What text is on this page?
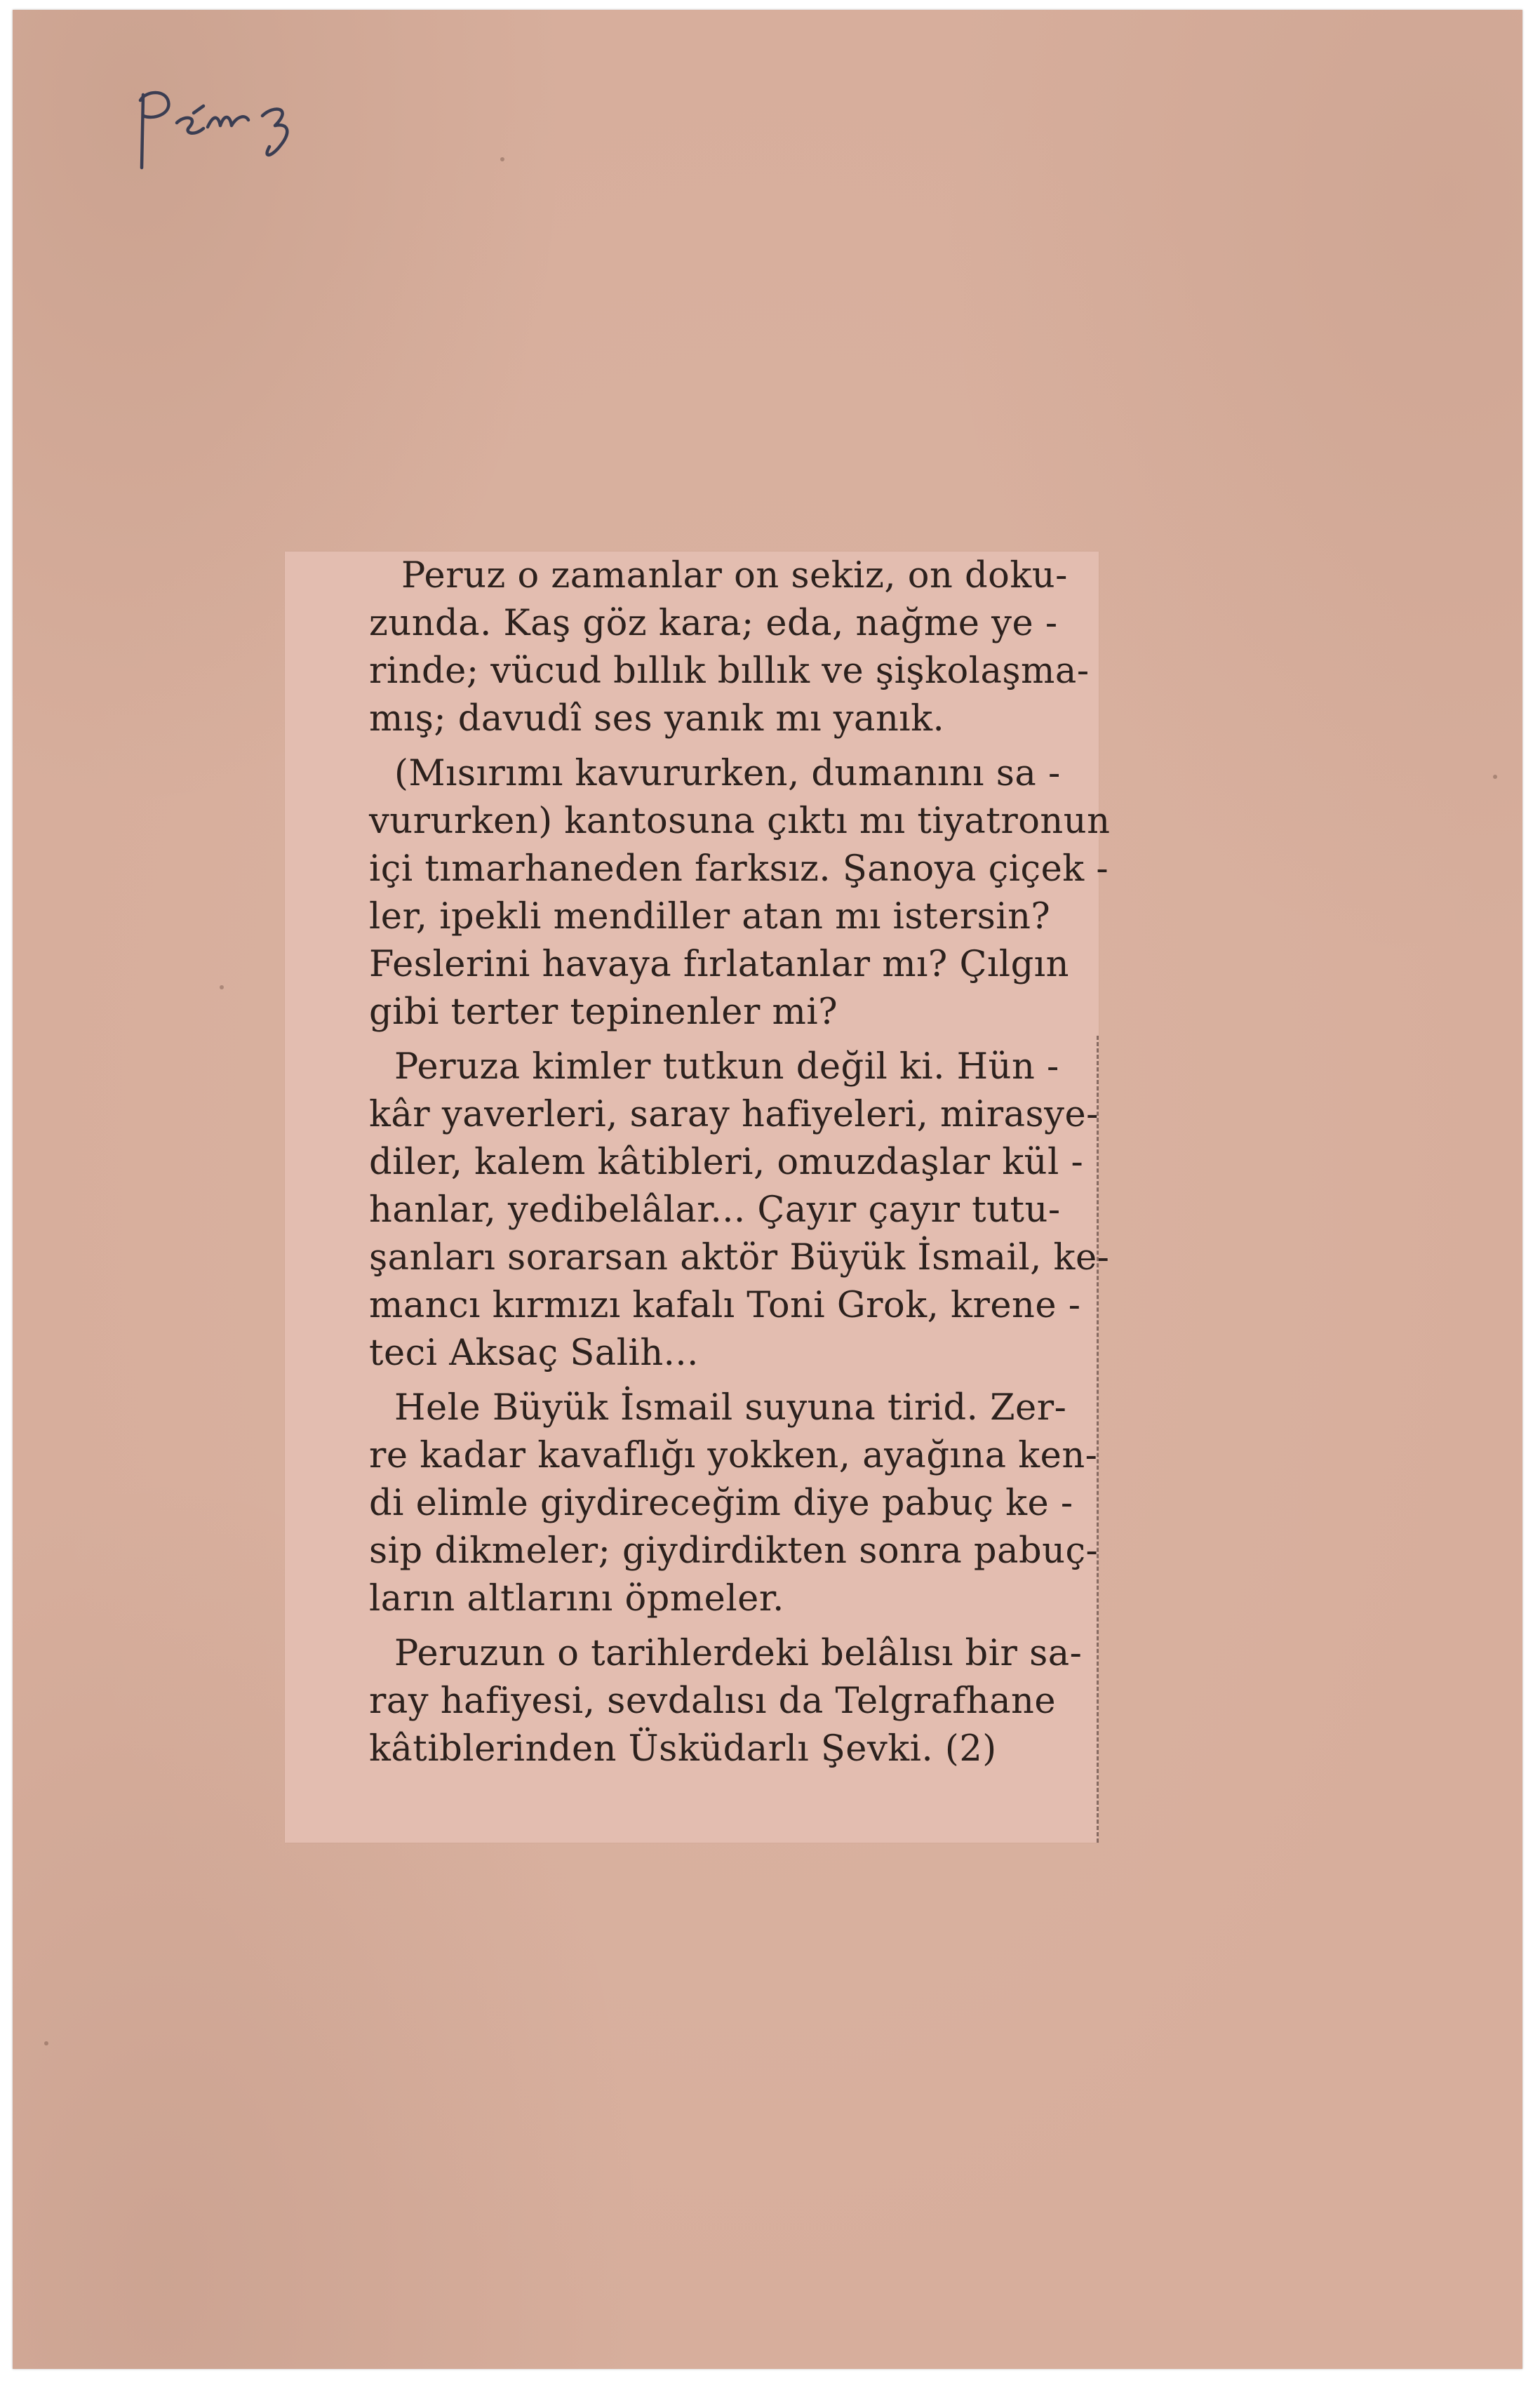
Peruz o zamanlar on sekiz, on doku-
zunda. Kaş göz kara; eda, nağme ye -
rinde; vücud bıllık bıllık ve şişkolaşma-
mış; davudî ses yanık mı yanık.
(Mısırımı kavururken, dumanını sa -
vururken) kantosuna çıktı mı tiyatronun
içi tımarhaneden farksız. Şanoya çiçek -
ler, ipekli mendiller atan mı istersin?
Feslerini havaya fırlatanlar mı? Çılgın
gibi terter tepinenler mi?
Peruza kimler tutkun değil ki. Hün -
kâr yaverleri, saray hafiyeleri, mirasye-
diler, kalem kâtibleri, omuzdaşlar kül -
hanlar, yedibelâlar... Çayır çayır tutu-
şanları sorarsan aktör Büyük İsmail, ke-
mancı kırmızı kafalı Toni Grok, krene -
teci Aksaç Salih...
Hele Büyük İsmail suyuna tirid. Zer-
re kadar kavaflığı yokken, ayağına ken-
di elimle giydireceğim diye pabuç ke -
sip dikmeler; giydirdikten sonra pabuç-
ların altlarını öpmeler.
Peruzun o tarihlerdeki belâlısı bir sa-
ray hafiyesi, sevdalısı da Telgrafhane
kâtiblerinden Üsküdarlı Şevki. (2)
